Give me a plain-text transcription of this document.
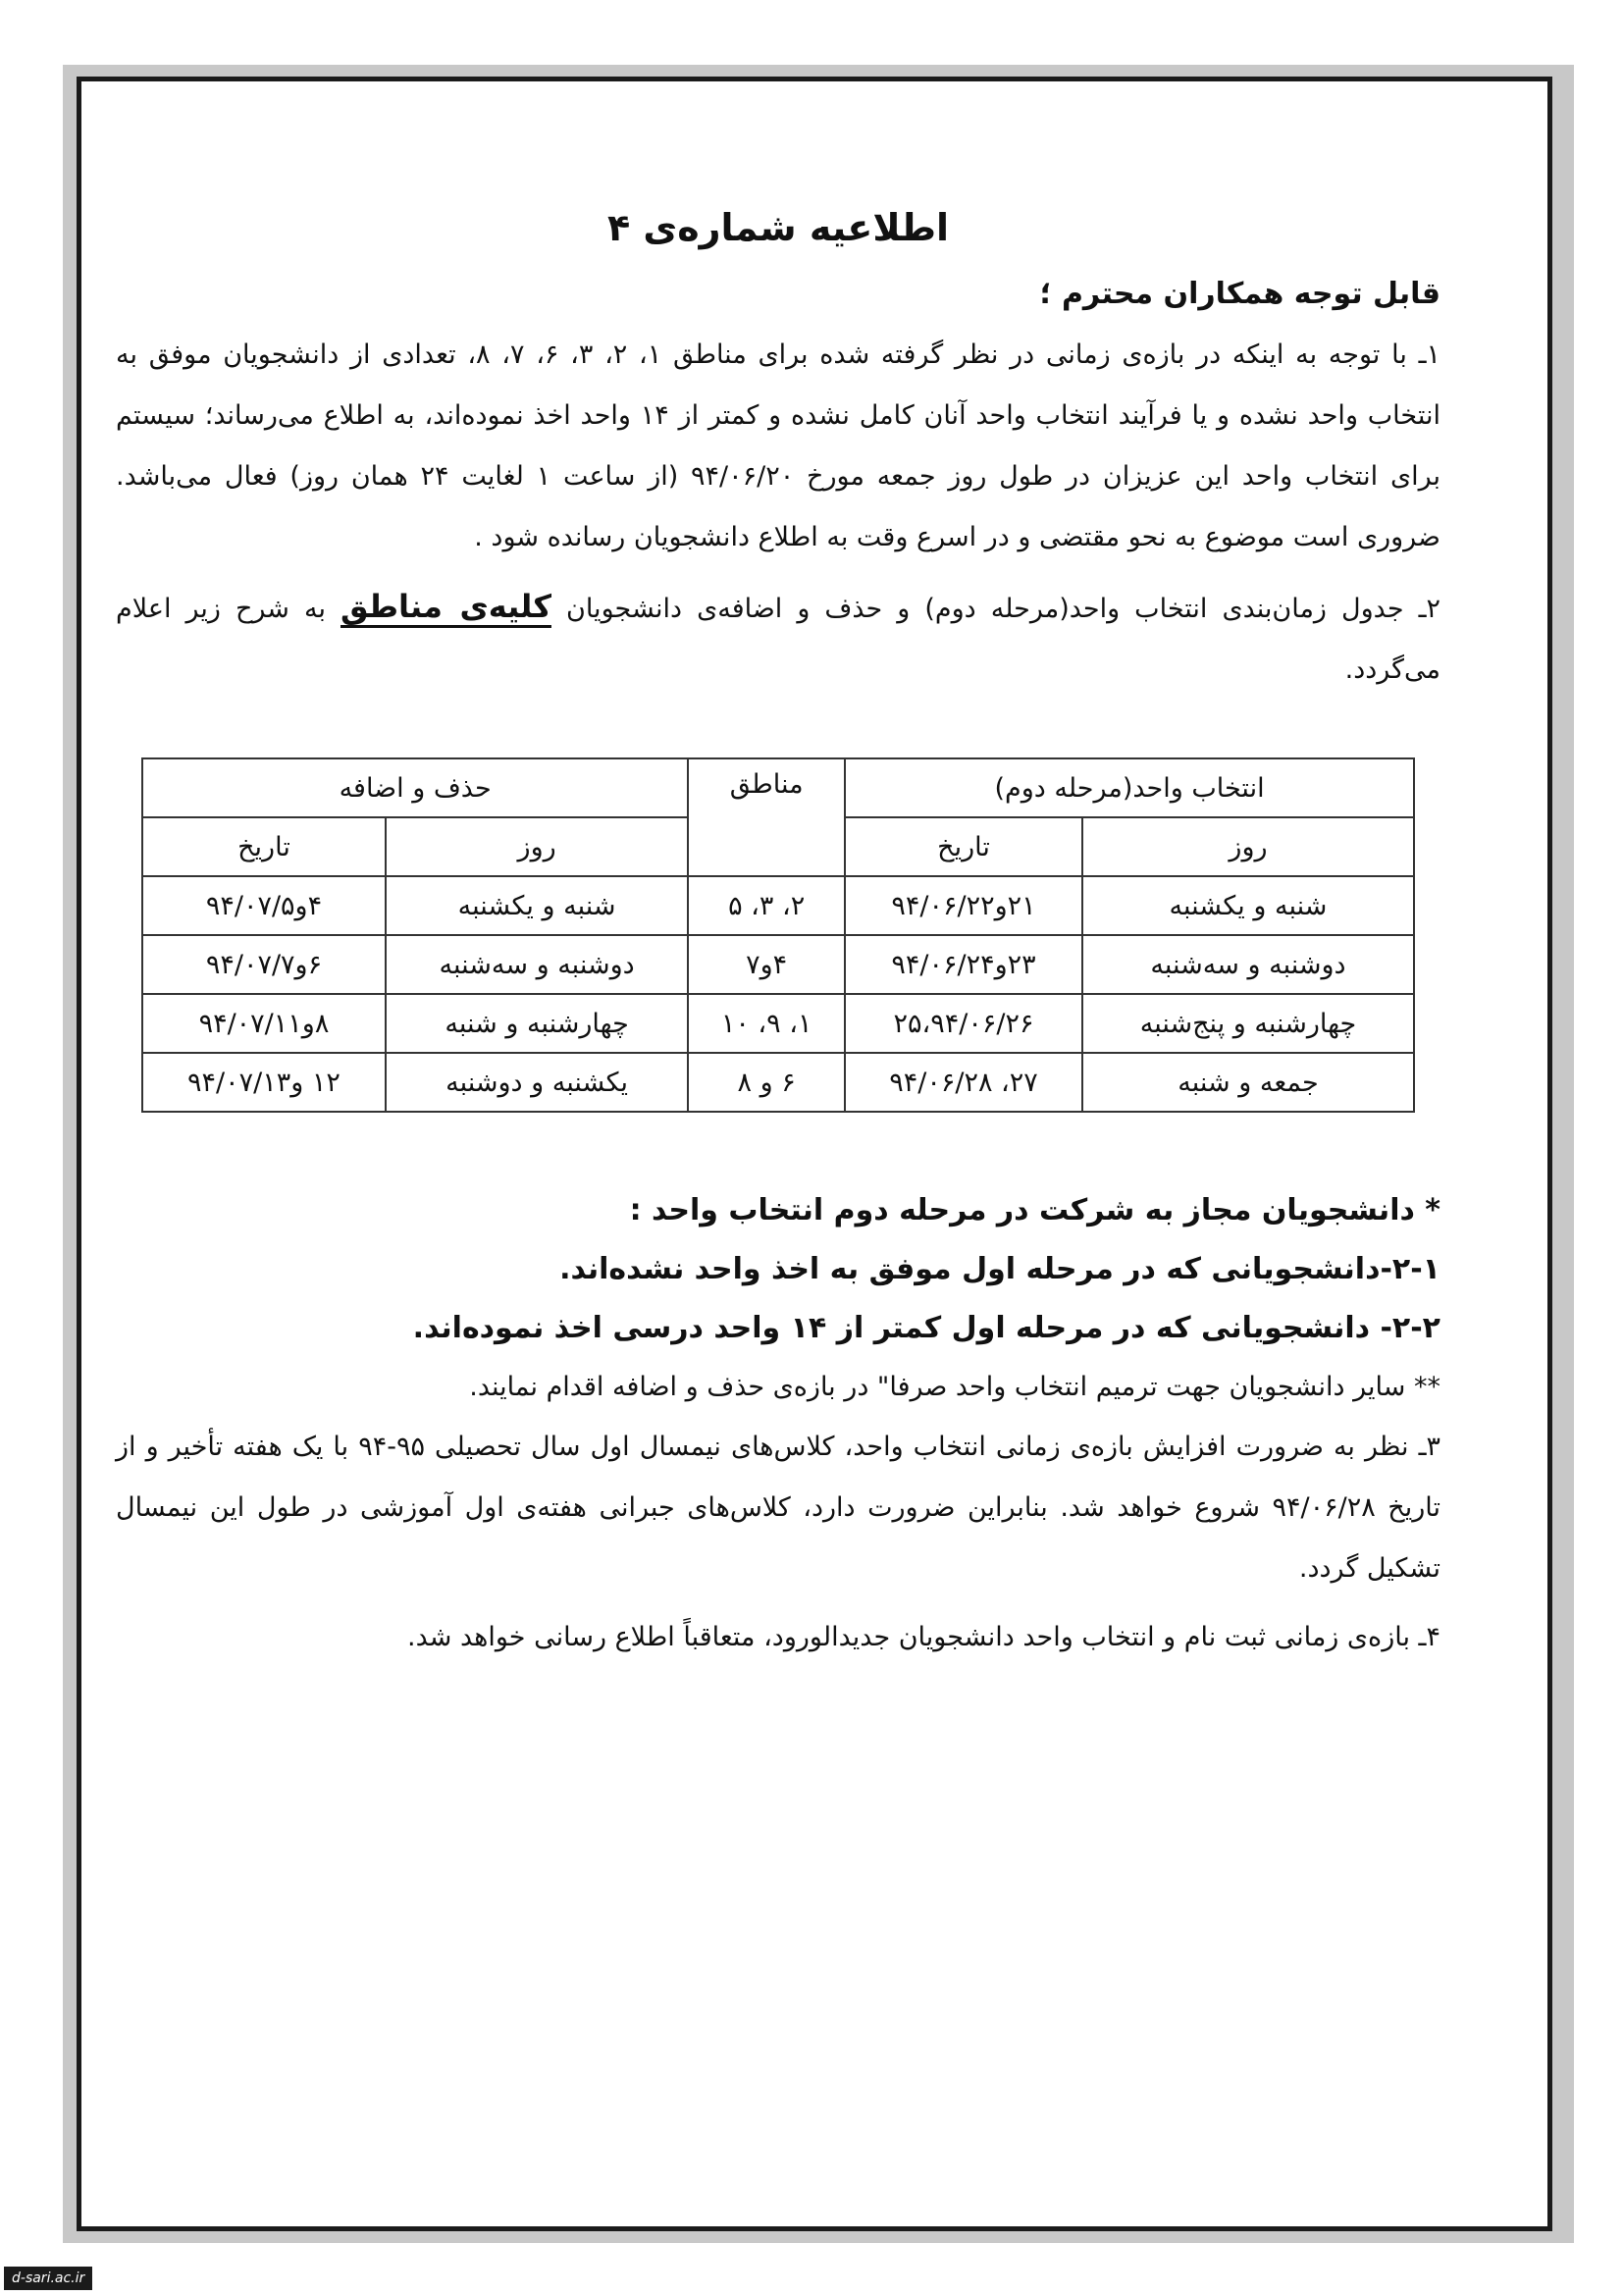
اطلاعیه شماره‌ی ۴
قابل توجه همکاران محترم ؛

۱ـ با توجه به اینکه در بازه‌ی زمانی در نظر گرفته شده برای مناطق ۱، ۲، ۳، ۶، ۷، ۸، تعدادی از دانشجویان موفق به انتخاب واحد نشده و یا فرآیند انتخاب واحد آنان کامل نشده و کمتر از ۱۴ واحد اخذ نموده‌اند، به اطلاع می‌رساند؛ سیستم برای انتخاب واحد این عزیزان در طول روز جمعه مورخ ۹۴/۰۶/۲۰ (از ساعت ۱ لغایت ۲۴ همان روز) فعال می‌باشد. ضروری است موضوع به نحو مقتضی و در اسرع وقت به اطلاع دانشجویان رسانده شود .

۲ـ جدول زمان‌بندی انتخاب واحد(مرحله دوم) و حذف و اضافه‌ی دانشجویان کلیه‌ی مناطق به شرح زیر اعلام می‌گردد.

انتخاب واحد(مرحله دوم)		مناطق	حذف و اضافه	
روز	تاریخ		روز	تاریخ
شنبه و یکشنبه	۲۱و۹۴/۰۶/۲۲	۲، ۳، ۵	شنبه و یکشنبه	۴و۹۴/۰۷/۵
دوشنبه و سه‌شنبه	۲۳و۹۴/۰۶/۲۴	۴و۷	دوشنبه و سه‌شنبه	۶و۹۴/۰۷/۷
چهارشنبه و پنج‌شنبه	۲۵،۹۴/۰۶/۲۶	۱، ۹، ۱۰	چهارشنبه و شنبه	۸و۹۴/۰۷/۱۱
جمعه و شنبه	۲۷، ۹۴/۰۶/۲۸	۶ و ۸	یکشنبه و دوشنبه	۱۲ و۹۴/۰۷/۱۳

* دانشجویان مجاز به شرکت در مرحله دوم انتخاب واحد :

۲-۱-دانشجویانی که در مرحله اول موفق به اخذ واحد نشده‌اند.

۲-۲- دانشجویانی که در مرحله اول کمتر از ۱۴ واحد درسی اخذ نموده‌اند.

** سایر دانشجویان جهت ترمیم انتخاب واحد صرفا" در بازه‌ی حذف و اضافه اقدام نمایند.

۳ـ نظر به ضرورت افزایش بازه‌ی زمانی انتخاب واحد، کلاس‌های نیمسال اول سال تحصیلی ۹۵-۹۴ با یک هفته تأخیر و از تاریخ ۹۴/۰۶/۲۸ شروع خواهد شد. بنابراین ضرورت دارد، کلاس‌های جبرانی هفته‌ی اول آموزشی در طول این نیمسال تشکیل گردد.

۴ـ بازه‌ی زمانی ثبت نام و انتخاب واحد دانشجویان جدیدالورود، متعاقباً اطلاع رسانی خواهد شد.

d-sari.ac.ir
